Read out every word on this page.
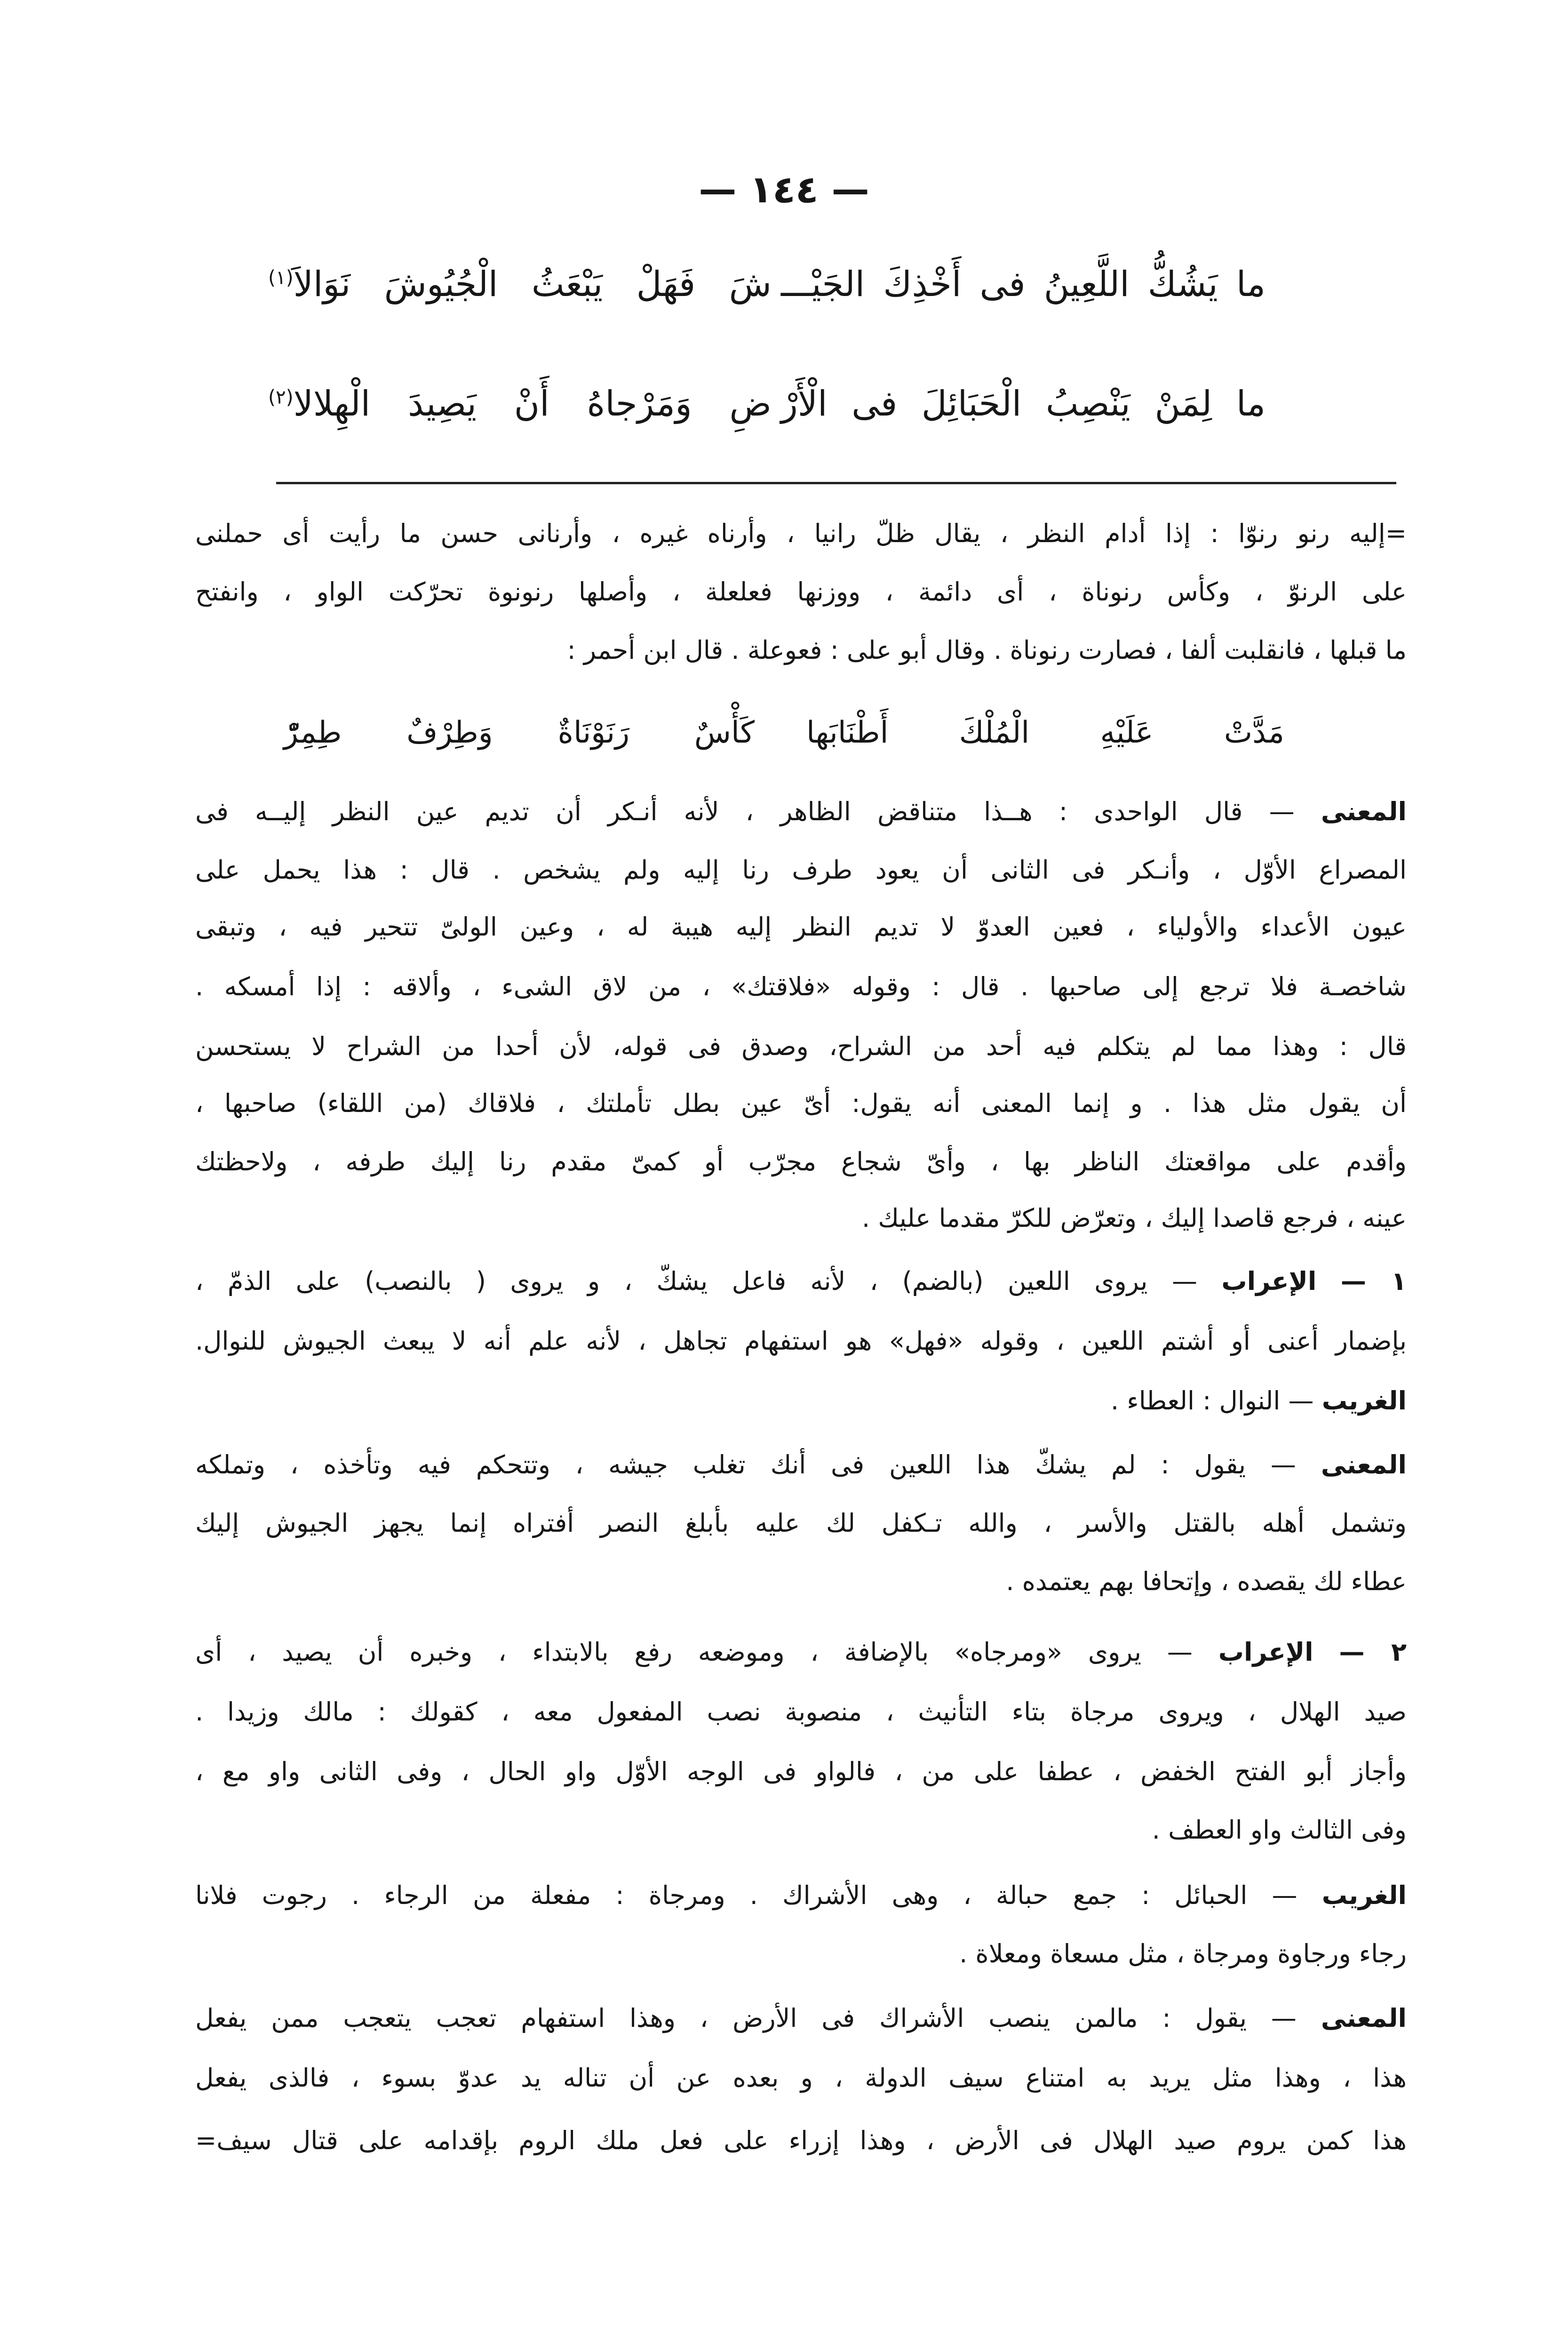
— ١٤٤ —
ما يَشُكُّ اللَّعِينُ فى أَخْذِكَ الجَيْـــ
شَ فَهَلْ يَبْعَثُ الْجُيُوشَ نَوَالاَ$^{(١)}$
ما لِمَنْ يَنْصِبُ الْحَبَائِلَ فى الْأَرْ
ضِ وَمَرْجاهُ أَنْ يَصِيدَ الْهِلالا$^{(٢)}$
=إليه رنو رنوّا : إذا أدام النظر ، يقال ظلّ رانيا ، وأرناه غيره ، وأرنانى حسن ما رأيت أى حملنى
على الرنوّ ، وكأس رنوناة ، أى دائمة ، ووزنها فعلعلة ، وأصلها رنونوة تحرّكت الواو ، وانفتح
ما قبلها ، فانقلبت ألفا ، فصارت رنوناة . وقال أبو على : فعوعلة . قال ابن أحمر :
مَدَّتْ عَلَيْهِ الْمُلْكَ أَطْنَابَها
كَأْسٌ رَنَوْنَاةٌ وَطِرْفٌ طِمِرّْ
المعنى — قال الواحدى : هــذا متناقض الظاهر ، لأنه أنـكر أن تديم عين النظر إليــه فى
المصراع الأوّل ، وأنـكر فى الثانى أن يعود طرف رنا إليه ولم يشخص . قال : هذا يحمل على
عيون الأعداء والأولياء ، فعين العدوّ لا تديم النظر إليه هيبة له ، وعين الولىّ تتحير فيه ، وتبقى
شاخصـة فلا ترجع إلى صاحبها . قال : وقوله «فلاقتك» ، من لاق الشىء ، وألاقه : إذا أمسكه .
قال : وهذا مما لم يتكلم فيه أحد من الشراح، وصدق فى قوله، لأن أحدا من الشراح لا يستحسن
أن يقول مثل هذا . و إنما المعنى أنه يقول: أىّ عين بطل تأملتك ، فلاقاك (من اللقاء) صاحبها ،
وأقدم على مواقعتك الناظر بها ، وأىّ شجاع مجرّب أو كمىّ مقدم رنا إليك طرفه ، ولاحظتك
عينه ، فرجع قاصدا إليك ، وتعرّض للكرّ مقدما عليك .
١ — الإعراب — يروى اللعين (بالضم) ، لأنه فاعل يشكّ ، و يروى ( بالنصب) على الذمّ ،
بإضمار أعنى أو أشتم اللعين ، وقوله «فهل» هو استفهام تجاهل ، لأنه علم أنه لا يبعث الجيوش للنوال.
الغريب — النوال : العطاء .
المعنى — يقول : لم يشكّ هذا اللعين فى أنك تغلب جيشه ، وتتحكم فيه وتأخذه ، وتملكه
وتشمل أهله بالقتل والأسر ، والله تـكفل لك عليه بأبلغ النصر أفتراه إنما يجهز الجيوش إليك
عطاء لك يقصده ، وإتحافا بهم يعتمده .
٢ — الإعراب — يروى «ومرجاه» بالإضافة ، وموضعه رفع بالابتداء ، وخبره أن يصيد ، أى
صيد الهلال ، ويروى مرجاة بتاء التأنيث ، منصوبة نصب المفعول معه ، كقولك : مالك وزيدا .
وأجاز أبو الفتح الخفض ، عطفا على من ، فالواو فى الوجه الأوّل واو الحال ، وفى الثانى واو مع ،
وفى الثالث واو العطف .
الغريب — الحبائل : جمع حبالة ، وهى الأشراك . ومرجاة : مفعلة من الرجاء . رجوت فلانا
رجاء ورجاوة ومرجاة ، مثل مسعاة ومعلاة .
المعنى — يقول : مالمن ينصب الأشراك فى الأرض ، وهذا استفهام تعجب يتعجب ممن يفعل
هذا ، وهذا مثل يريد به امتناع سيف الدولة ، و بعده عن أن تناله يد عدوّ بسوء ، فالذى يفعل
هذا كمن يروم صيد الهلال فى الأرض ، وهذا إزراء على فعل ملك الروم بإقدامه على قتال سيف=
